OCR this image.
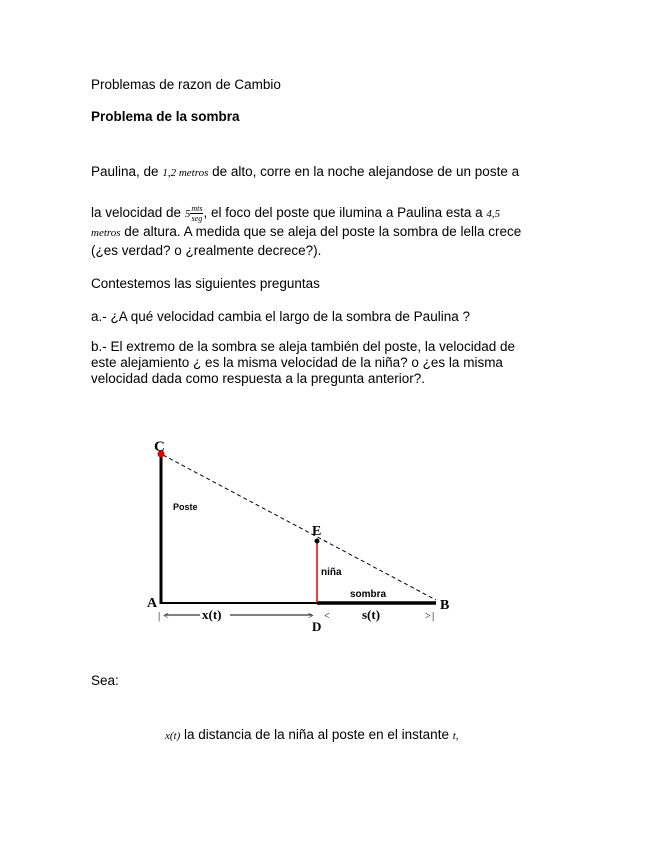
Problemas de razon de Cambio
Problema de la sombra
Paulina, de 1,2 metros de alto, corre en la noche alejandose de un poste a
la velocidad de $5 \frac{\text{mts}}{\text{seg}}$ , el foco del poste que ilumina a Paulina esta a 4,5
metros de altura. A medida que se aleja del poste la sombra de lella crece
(¿es verdad? o ¿realmente decrece?).
Contestemos las siguientes preguntas
a.- ¿A qué velocidad cambia el largo de la sombra de Paulina ?
b.- El extremo de la sombra se aleja también del poste, la velocidad de
este alejamiento ¿ es la misma velocidad de la niña? o ¿es la misma
velocidad dada como respuesta a la pregunta anterior?.
C
A
E
D
B
Poste
niña
sombra
| <	x(t)	> < s(t)	> |
Sea:
x(t) la distancia de la niña al poste en el instante t,
